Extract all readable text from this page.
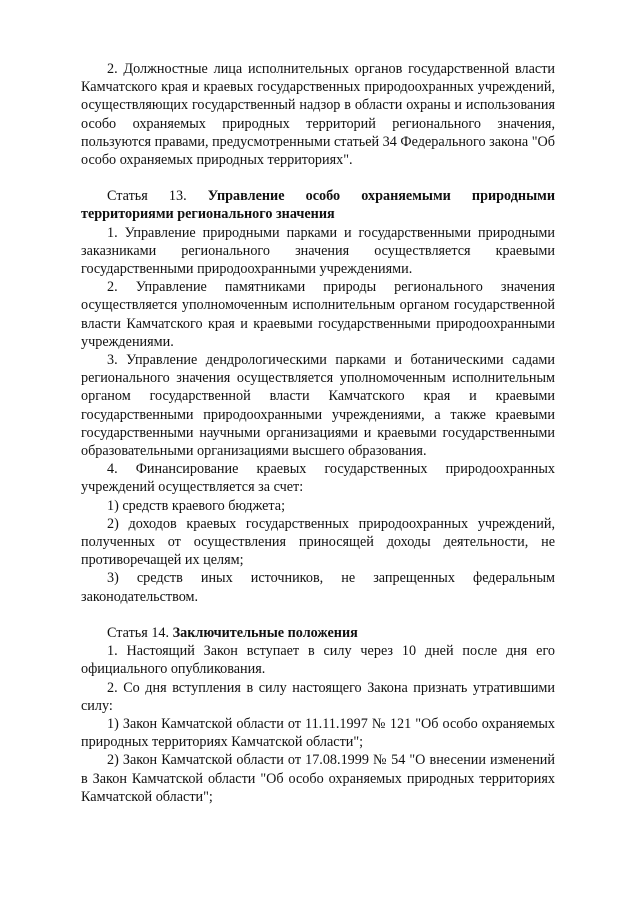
2. Должностные лица исполнительных органов государственной власти Камчатского края и краевых государственных природоохранных учреждений, осуществляющих государственный надзор в области охраны и использования особо охраняемых природных территорий регионального значения, пользуются правами, предусмотренными статьей 34 Федерального закона "Об особо охраняемых природных территориях".

Статья 13. Управление особо охраняемыми природными территориями регионального значения

1. Управление природными парками и государственными природными заказниками регионального значения осуществляется краевыми государственными природоохранными учреждениями.

2. Управление памятниками природы регионального значения осуществляется уполномоченным исполнительным органом государственной власти Камчатского края и краевыми государственными природоохранными учреждениями.

3. Управление дендрологическими парками и ботаническими садами регионального значения осуществляется уполномоченным исполнительным органом государственной власти Камчатского края и краевыми государственными природоохранными учреждениями, а также краевыми государственными научными организациями и краевыми государственными образовательными организациями высшего образования.

4. Финансирование краевых государственных природоохранных учреждений осуществляется за счет:

1) средств краевого бюджета;

2) доходов краевых государственных природоохранных учреждений, полученных от осуществления приносящей доходы деятельности, не противоречащей их целям;

3) средств иных источников, не запрещенных федеральным законодательством.

Статья 14. Заключительные положения

1. Настоящий Закон вступает в силу через 10 дней после дня его официального опубликования.

2. Со дня вступления в силу настоящего Закона признать утратившими силу:

1) Закон Камчатской области от 11.11.1997 № 121 "Об особо охраняемых природных территориях Камчатской области";

2) Закон Камчатской области от 17.08.1999 № 54 "О внесении изменений в Закон Камчатской области "Об особо охраняемых природных территориях Камчатской области";
